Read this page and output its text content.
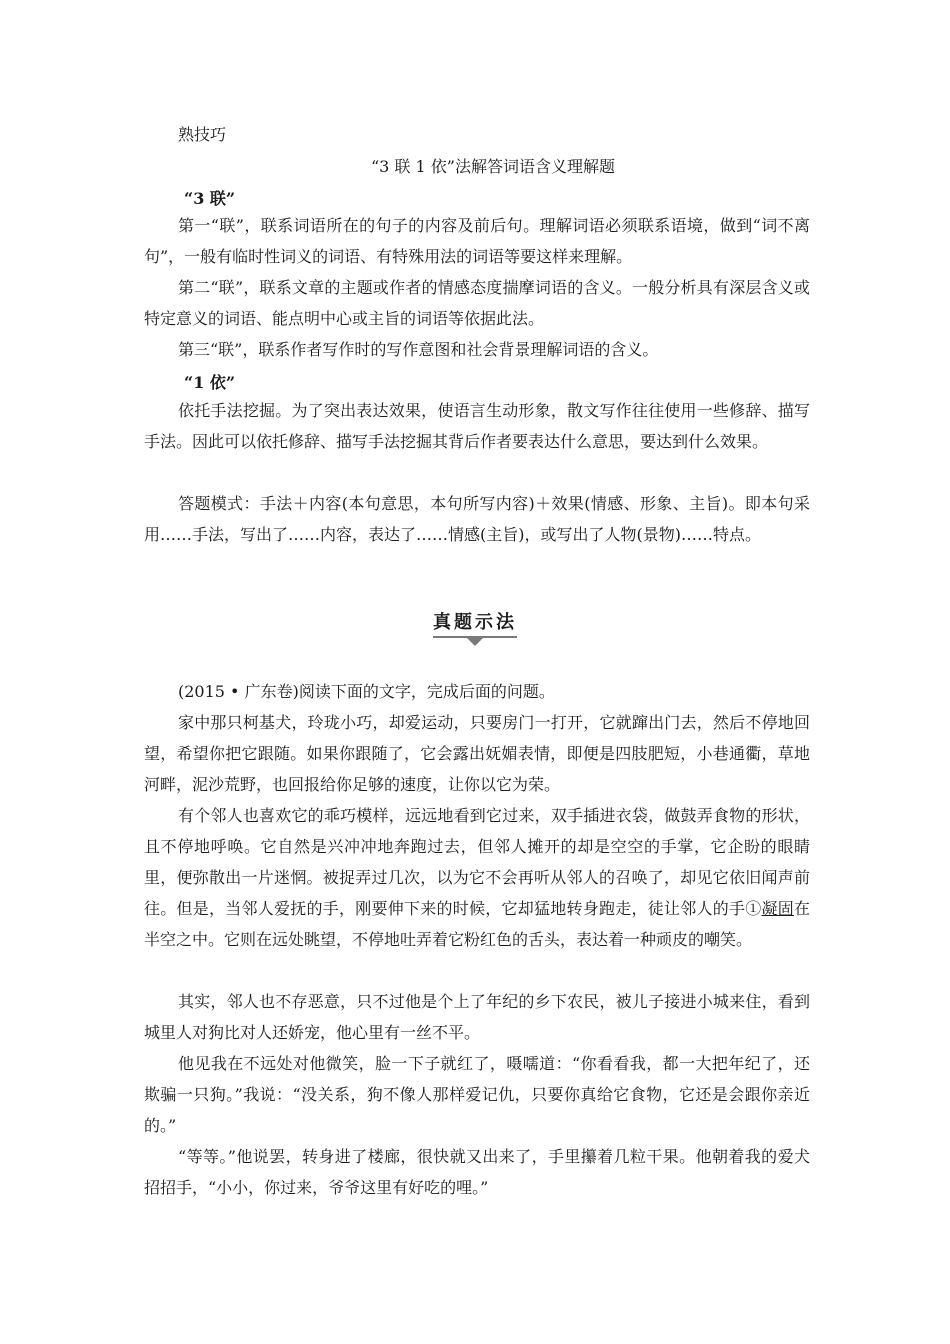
熟技巧
“3 联 1 依”法解答词语含义理解题
“3 联”

第一“联”，联系词语所在的句子的内容及前后句。理解词语必须联系语境，做到“词不离句”，一般有临时性词义的词语、有特殊用法的词语等要这样来理解。

第二“联”，联系文章的主题或作者的情感态度揣摩词语的含义。一般分析具有深层含义或特定意义的词语、能点明中心或主旨的词语等依据此法。

第三“联”，联系作者写作时的写作意图和社会背景理解词语的含义。

“1 依”

依托手法挖掘。为了突出表达效果，使语言生动形象，散文写作往往使用一些修辞、描写手法。因此可以依托修辞、描写手法挖掘其背后作者要表达什么意思，要达到什么效果。

答题模式：手法＋内容(本句意思，本句所写内容)＋效果(情感、形象、主旨)。即本句采用……手法，写出了……内容，表达了……情感(主旨)，或写出了人物(景物)……特点。

真题示法

(2015 • 广东卷)阅读下面的文字，完成后面的问题。

家中那只柯基犬，玲珑小巧，却爱运动，只要房门一打开，它就蹿出门去，然后不停地回望，希望你把它跟随。如果你跟随了，它会露出妩媚表情，即便是四肢肥短，小巷通衢，草地河畔，泥沙荒野，也回报给你足够的速度，让你以它为荣。

有个邻人也喜欢它的乖巧模样，远远地看到它过来，双手插进衣袋，做鼓弄食物的形状，且不停地呼唤。它自然是兴冲冲地奔跑过去，但邻人摊开的却是空空的手掌，它企盼的眼睛里，便弥散出一片迷惘。被捉弄过几次，以为它不会再听从邻人的召唤了，却见它依旧闻声前往。但是，当邻人爱抚的手，刚要伸下来的时候，它却猛地转身跑走，徒让邻人的手①凝固在半空之中。它则在远处眺望，不停地吐弄着它粉红色的舌头，表达着一种顽皮的嘲笑。

其实，邻人也不存恶意，只不过他是个上了年纪的乡下农民，被儿子接进小城来住，看到城里人对狗比对人还娇宠，他心里有一丝不平。

他见我在不远处对他微笑，脸一下子就红了，嗫嚅道：“你看看我，都一大把年纪了，还欺骗一只狗。”我说：“没关系，狗不像人那样爱记仇，只要你真给它食物，它还是会跟你亲近的。”

“等等。”他说罢，转身进了楼廊，很快就又出来了，手里攥着几粒干果。他朝着我的爱犬招招手，“小小，你过来，爷爷这里有好吃的哩。”
